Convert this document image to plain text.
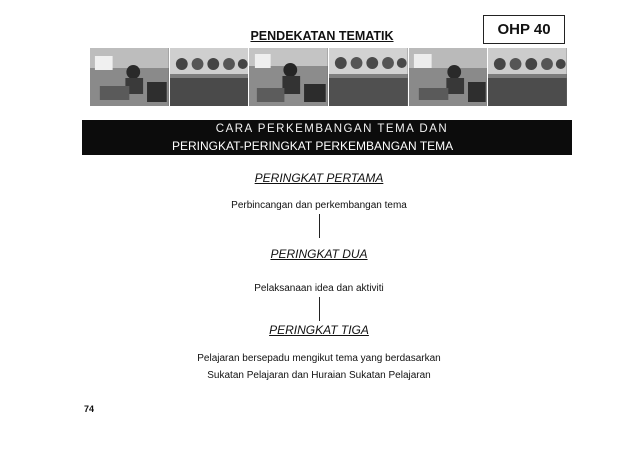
PENDEKATAN TEMATIK	OHP 40
CARA PERKEMBANGAN TEMA DAN
PERINGKAT-PERINGKAT PERKEMBANGAN TEMA
PERINGKAT PERTAMA
Perbincangan dan perkembangan tema
PERINGKAT DUA
Pelaksanaan idea dan aktiviti
PERINGKAT TIGA
Pelajaran bersepadu mengikut tema yang berdasarkan
Sukatan Pelajaran dan Huraian Sukatan Pelajaran
74
